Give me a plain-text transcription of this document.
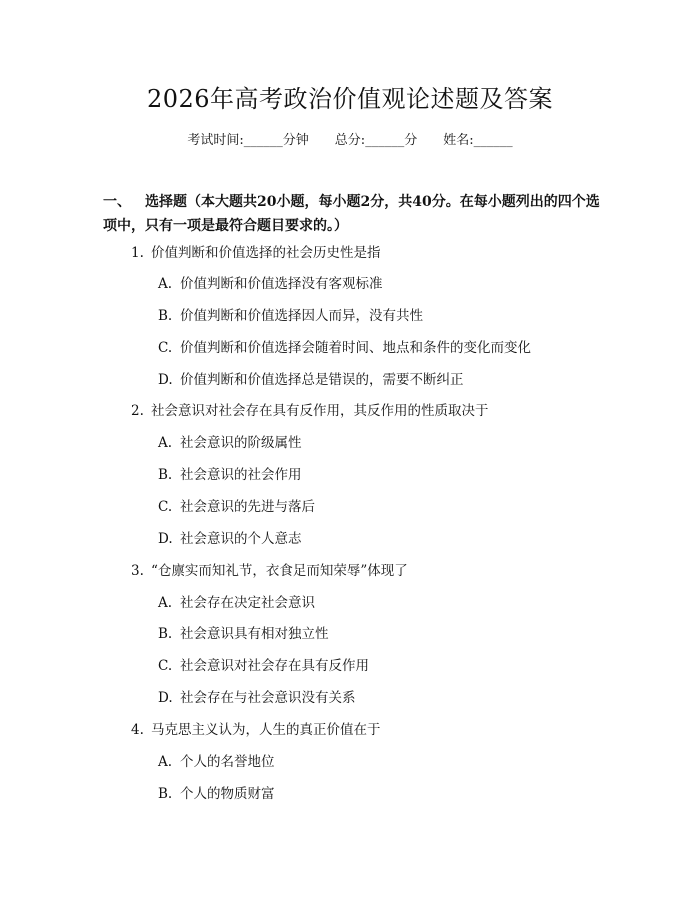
2026年高考政治价值观论述题及答案
考试时间:______分钟 总分:______分 姓名:______
一、 选择题（本大题共20小题，每小题2分，共40分。在每小题列出的四个选项中，只有一项是最符合题目要求的。）
1. 价值判断和价值选择的社会历史性是指
A. 价值判断和价值选择没有客观标准
B. 价值判断和价值选择因人而异，没有共性
C. 价值判断和价值选择会随着时间、地点和条件的变化而变化
D. 价值判断和价值选择总是错误的，需要不断纠正
2. 社会意识对社会存在具有反作用，其反作用的性质取决于
A. 社会意识的阶级属性
B. 社会意识的社会作用
C. 社会意识的先进与落后
D. 社会意识的个人意志
3. “仓廪实而知礼节，衣食足而知荣辱”体现了
A. 社会存在决定社会意识
B. 社会意识具有相对独立性
C. 社会意识对社会存在具有反作用
D. 社会存在与社会意识没有关系
4. 马克思主义认为，人生的真正价值在于
A. 个人的名誉地位
B. 个人的物质财富
